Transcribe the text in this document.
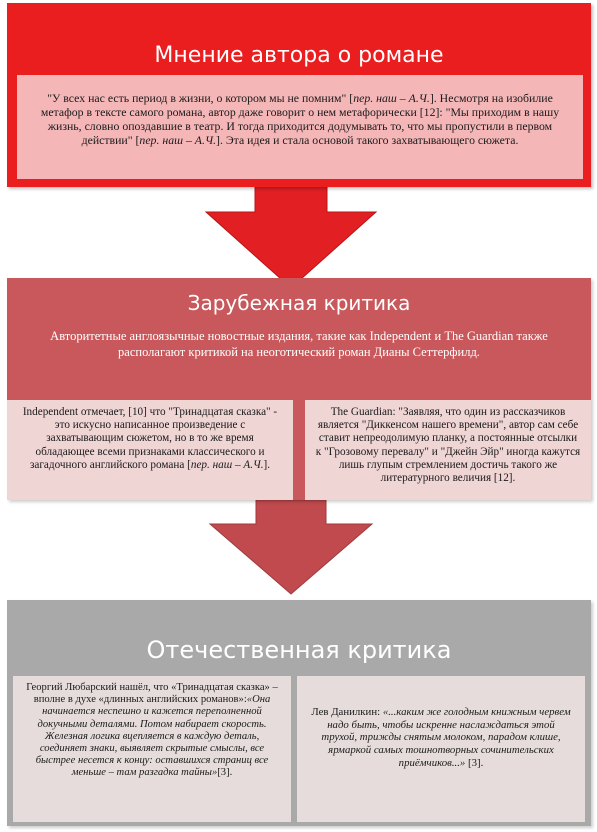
Мнение автора о романе
"У всех нас есть период в жизни, о котором мы не помним" [пер. наш – А.Ч.]. Несмотря на изобилие метафор в тексте самого романа, автор даже говорит о нем метафорически [12]: "Мы приходим в нашу жизнь, словно опоздавшие в театр. И тогда приходится додумывать то, что мы пропустили в первом действии" [пер. наш – А.Ч.]. Эта идея и стала основой такого захватывающего сюжета.
Зарубежная критика
Авторитетные англоязычные новостные издания, такие как Independent и The Guardian также располагают критикой на неоготический роман Дианы Сеттерфилд.
Independent отмечает, [10] что "Тринадцатая сказка" - это искусно написанное произведение с захватывающим сюжетом, но в то же время обладающее всеми признаками классического и загадочного английского романа [пер. наш – А.Ч.].
The Guardian: "Заявляя, что один из рассказчиков является "Диккенсом нашего времени", автор сам себе ставит непреодолимую планку, а постоянные отсылки к "Грозовому перевалу" и "Джейн Эйр" иногда кажутся лишь глупым стремлением достичь такого же литературного величия [12].
Отечественная критика
Георгий Любарский нашёл, что «Тринадцатая сказка» – вполне в духе «длинных английских романов»:«Она начинается неспешно и кажется переполненной докучными деталями. Потом набирает скорость. Железная логика вцепляется в каждую деталь, соединяет знаки, выявляет скрытые смыслы, все быстрее несется к концу: оставшихся страниц все меньше – там разгадка тайны»[3].
Лев Данилкин: «...каким же голодным книжным червем надо быть, чтобы искренне наслаждаться этой трухой, трижды снятым молоком, парадом клише, ярмаркой самых тошнотворных сочинительских приёмчиков...» [3].
